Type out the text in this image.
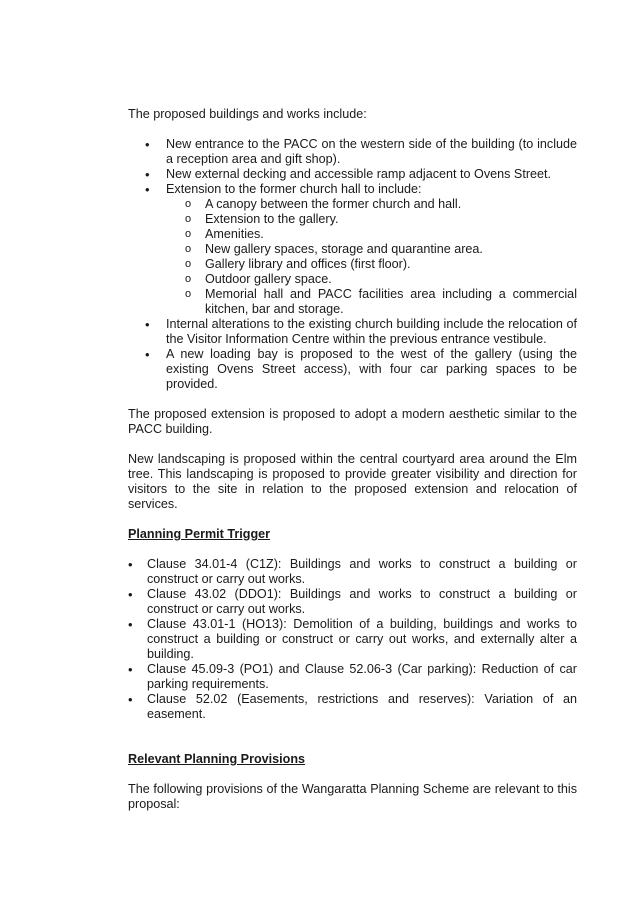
The proposed buildings and works include:

• New entrance to the PACC on the western side of the building (to include a reception area and gift shop).
• New external decking and accessible ramp adjacent to Ovens Street.
• Extension to the former church hall to include:
o A canopy between the former church and hall.
o Extension to the gallery.
o Amenities.
o New gallery spaces, storage and quarantine area.
o Gallery library and offices (first floor).
o Outdoor gallery space.
o Memorial hall and PACC facilities area including a commercial kitchen, bar and storage.
• Internal alterations to the existing church building include the relocation of the Visitor Information Centre within the previous entrance vestibule.
• A new loading bay is proposed to the west of the gallery (using the existing Ovens Street access), with four car parking spaces to be provided.

The proposed extension is proposed to adopt a modern aesthetic similar to the PACC building.

New landscaping is proposed within the central courtyard area around the Elm tree. This landscaping is proposed to provide greater visibility and direction for visitors to the site in relation to the proposed extension and relocation of services.

Planning Permit Trigger
• Clause 34.01-4 (C1Z): Buildings and works to construct a building or construct or carry out works.
• Clause 43.02 (DDO1): Buildings and works to construct a building or construct or carry out works.
• Clause 43.01-1 (HO13): Demolition of a building, buildings and works to construct a building or construct or carry out works, and externally alter a building.
• Clause 45.09-3 (PO1) and Clause 52.06-3 (Car parking): Reduction of car parking requirements.
• Clause 52.02 (Easements, restrictions and reserves): Variation of an easement.
Relevant Planning Provisions

The following provisions of the Wangaratta Planning Scheme are relevant to this proposal:
